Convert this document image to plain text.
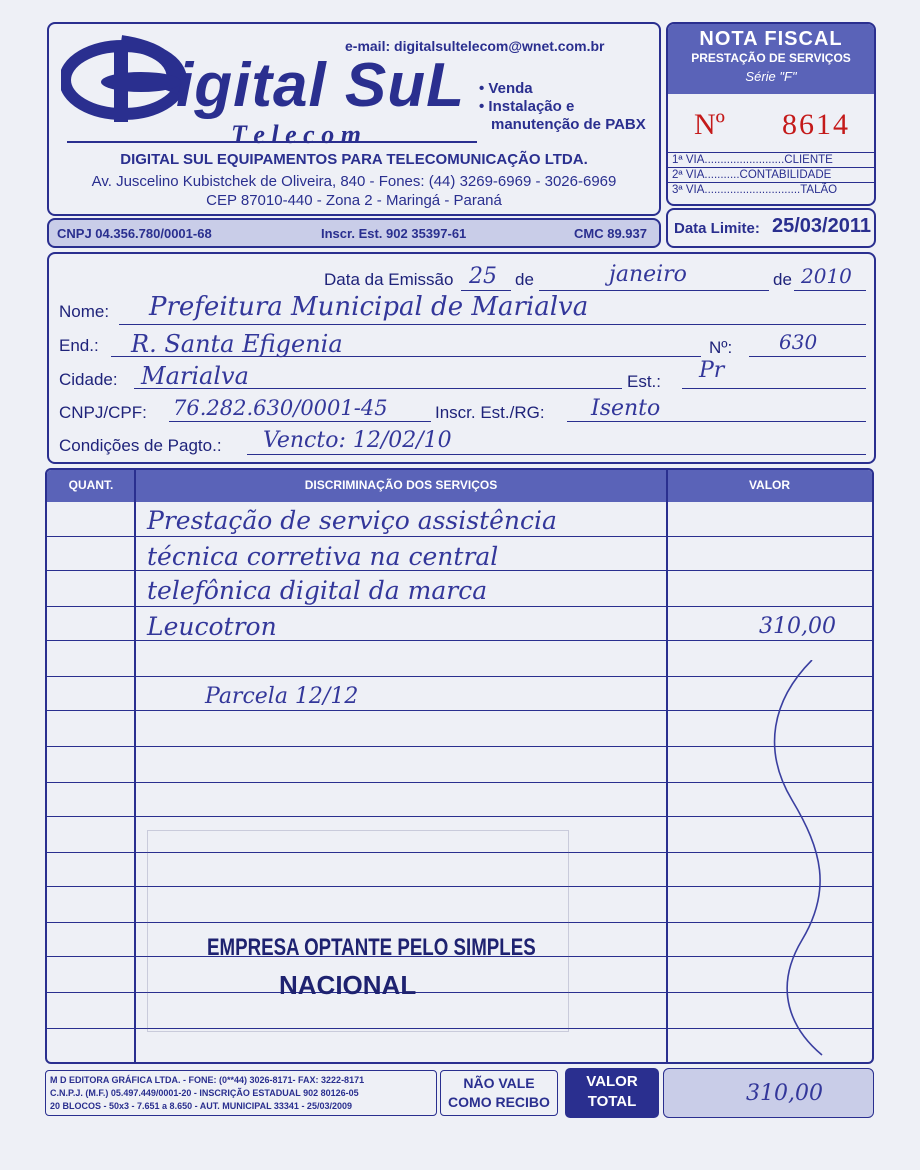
e-mail: digitalsultelecom@wnet.com.br
igital SuL
T e l e c o m
• Venda
• Instalação e
manutenção de PABX
DIGITAL SUL EQUIPAMENTOS PARA TELECOMUNICAÇÃO LTDA.
Av. Juscelino Kubistchek de Oliveira, 840 - Fones: (44) 3269-6969 - 3026-6969
CEP 87010-440 - Zona 2 - Maringá - Paraná
NOTA FISCAL
PRESTAÇÃO DE SERVIÇOS
Série "F"
Nº 8614
1ª VIA.........................CLIENTE
2ª VIA...........CONTABILIDADE
3ª VIA..............................TALÃO
CNPJ 04.356.780/0001-68	Inscr. Est. 902 35397-61	CMC 89.937 Data Limite: 25/03/2011
Data da Emissão 25 de	janeiro	de 2010
Nome: Prefeitura Municipal de Marialva
End.: R. Santa Efigenia	Nº: 630
Cidade: Marialva	Est.: Pr
CNPJ/CPF: 76.282.630/0001-45	Inscr. Est./RG: Isento
Condições de Pagto.: Vencto: 12/02/10
QUANT.	DISCRIMINAÇÃO DOS SERVIÇOS	VALOR
Prestação de serviço assistência
técnica corretiva na central
telefônica digital da marca
Leucotron	310,00
Parcela 12/12
EMPRESA OPTANTE PELO SIMPLES
NACIONAL
M D EDITORA GRÁFICA LTDA. - FONE: (0**44) 3026-8171- FAX: 3222-8171
C.N.P.J. (M.F.) 05.497.449/0001-20 - INSCRIÇÃO ESTADUAL 902 80126-05
20 BLOCOS - 50x3 - 7.651 a 8.650 - AUT. MUNICIPAL 33341 - 25/03/2009
NÃO VALE
COMO RECIBO
VALOR
TOTAL	310,00
